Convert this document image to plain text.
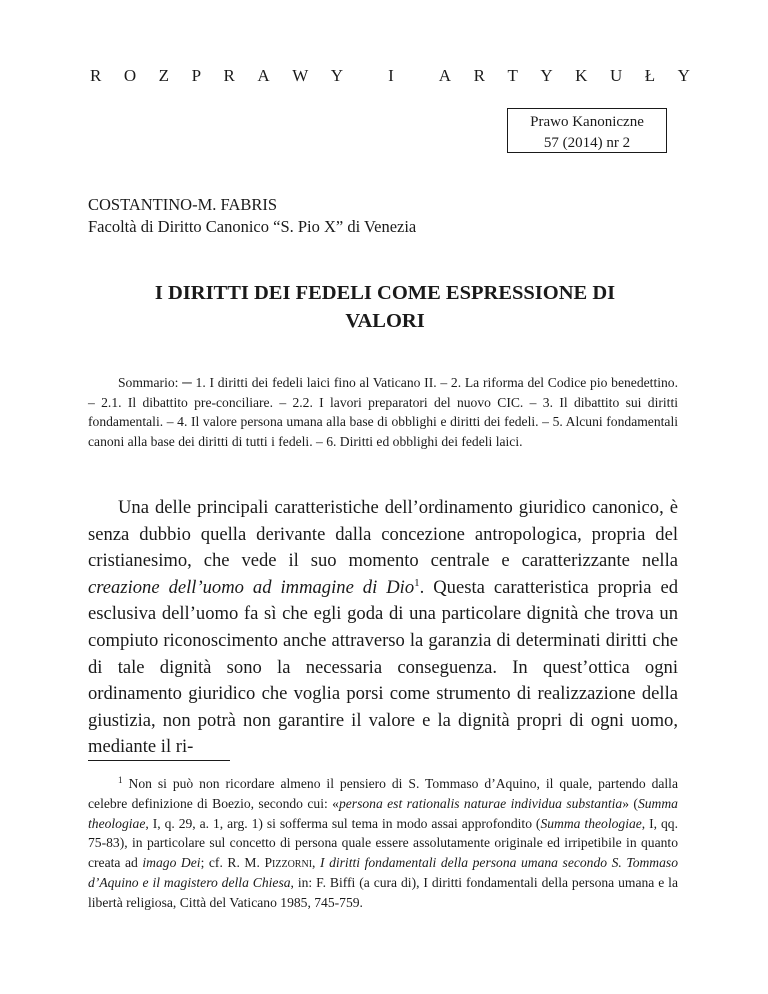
R O Z P R A W Y	I	A R T Y K U Ł Y
Prawo Kanoniczne
57 (2014) nr 2
COSTANTINO-M. FABRIS
Facoltà di Diritto Canonico “S. Pio X” di Venezia
I DIRITTI DEI FEDELI COME ESPRESSIONE DI
VALORI
Sommario: ─ 1. I diritti dei fedeli laici fino al Vaticano II. – 2. La riforma del Codice pio benedettino. – 2.1. Il dibattito pre-conciliare. – 2.2. I lavori preparatori del nuovo CIC. – 3. Il dibattito sui diritti fondamentali. – 4. Il valore persona umana alla base di obblighi e diritti dei fedeli. – 5. Alcuni fondamentali canoni alla base dei diritti di tutti i fedeli. – 6. Diritti ed obblighi dei fedeli laici.
Una delle principali caratteristiche dell’ordinamento giuridico canonico, è senza dubbio quella derivante dalla concezione antropologica, propria del cristianesimo, che vede il suo momento centrale e caratterizzante nella creazione dell’uomo ad immagine di Dio$^1$. Questa caratteristica propria ed esclusiva dell’uomo fa sì che egli goda di una particolare dignità che trova un compiuto riconoscimento anche attraverso la garanzia di determinati diritti che di tale dignità sono la necessaria conseguenza. In quest’ottica ogni ordinamento giuridico che voglia porsi come strumento di realizzazione della giustizia, non potrà non garantire il valore e la dignità propri di ogni uomo, mediante il ri-
$^1$ Non si può non ricordare almeno il pensiero di S. Tommaso d’Aquino, il quale, partendo dalla celebre definizione di Boezio, secondo cui: «persona est rationalis naturae individua substantia» (Summa theologiae, I, q. 29, a. 1, arg. 1) si sofferma sul tema in modo assai approfondito (Summa theologiae, I, qq. 75-83), in particolare sul concetto di persona quale essere assolutamente originale ed irripetibile in quanto creata ad imago Dei; cf. R. M. Pizzorni, I diritti fondamentali della persona umana secondo S. Tommaso d’Aquino e il magistero della Chiesa, in: F. Biffi (a cura di), I diritti fondamentali della persona umana e la libertà religiosa, Città del Vaticano 1985, 745-759.
